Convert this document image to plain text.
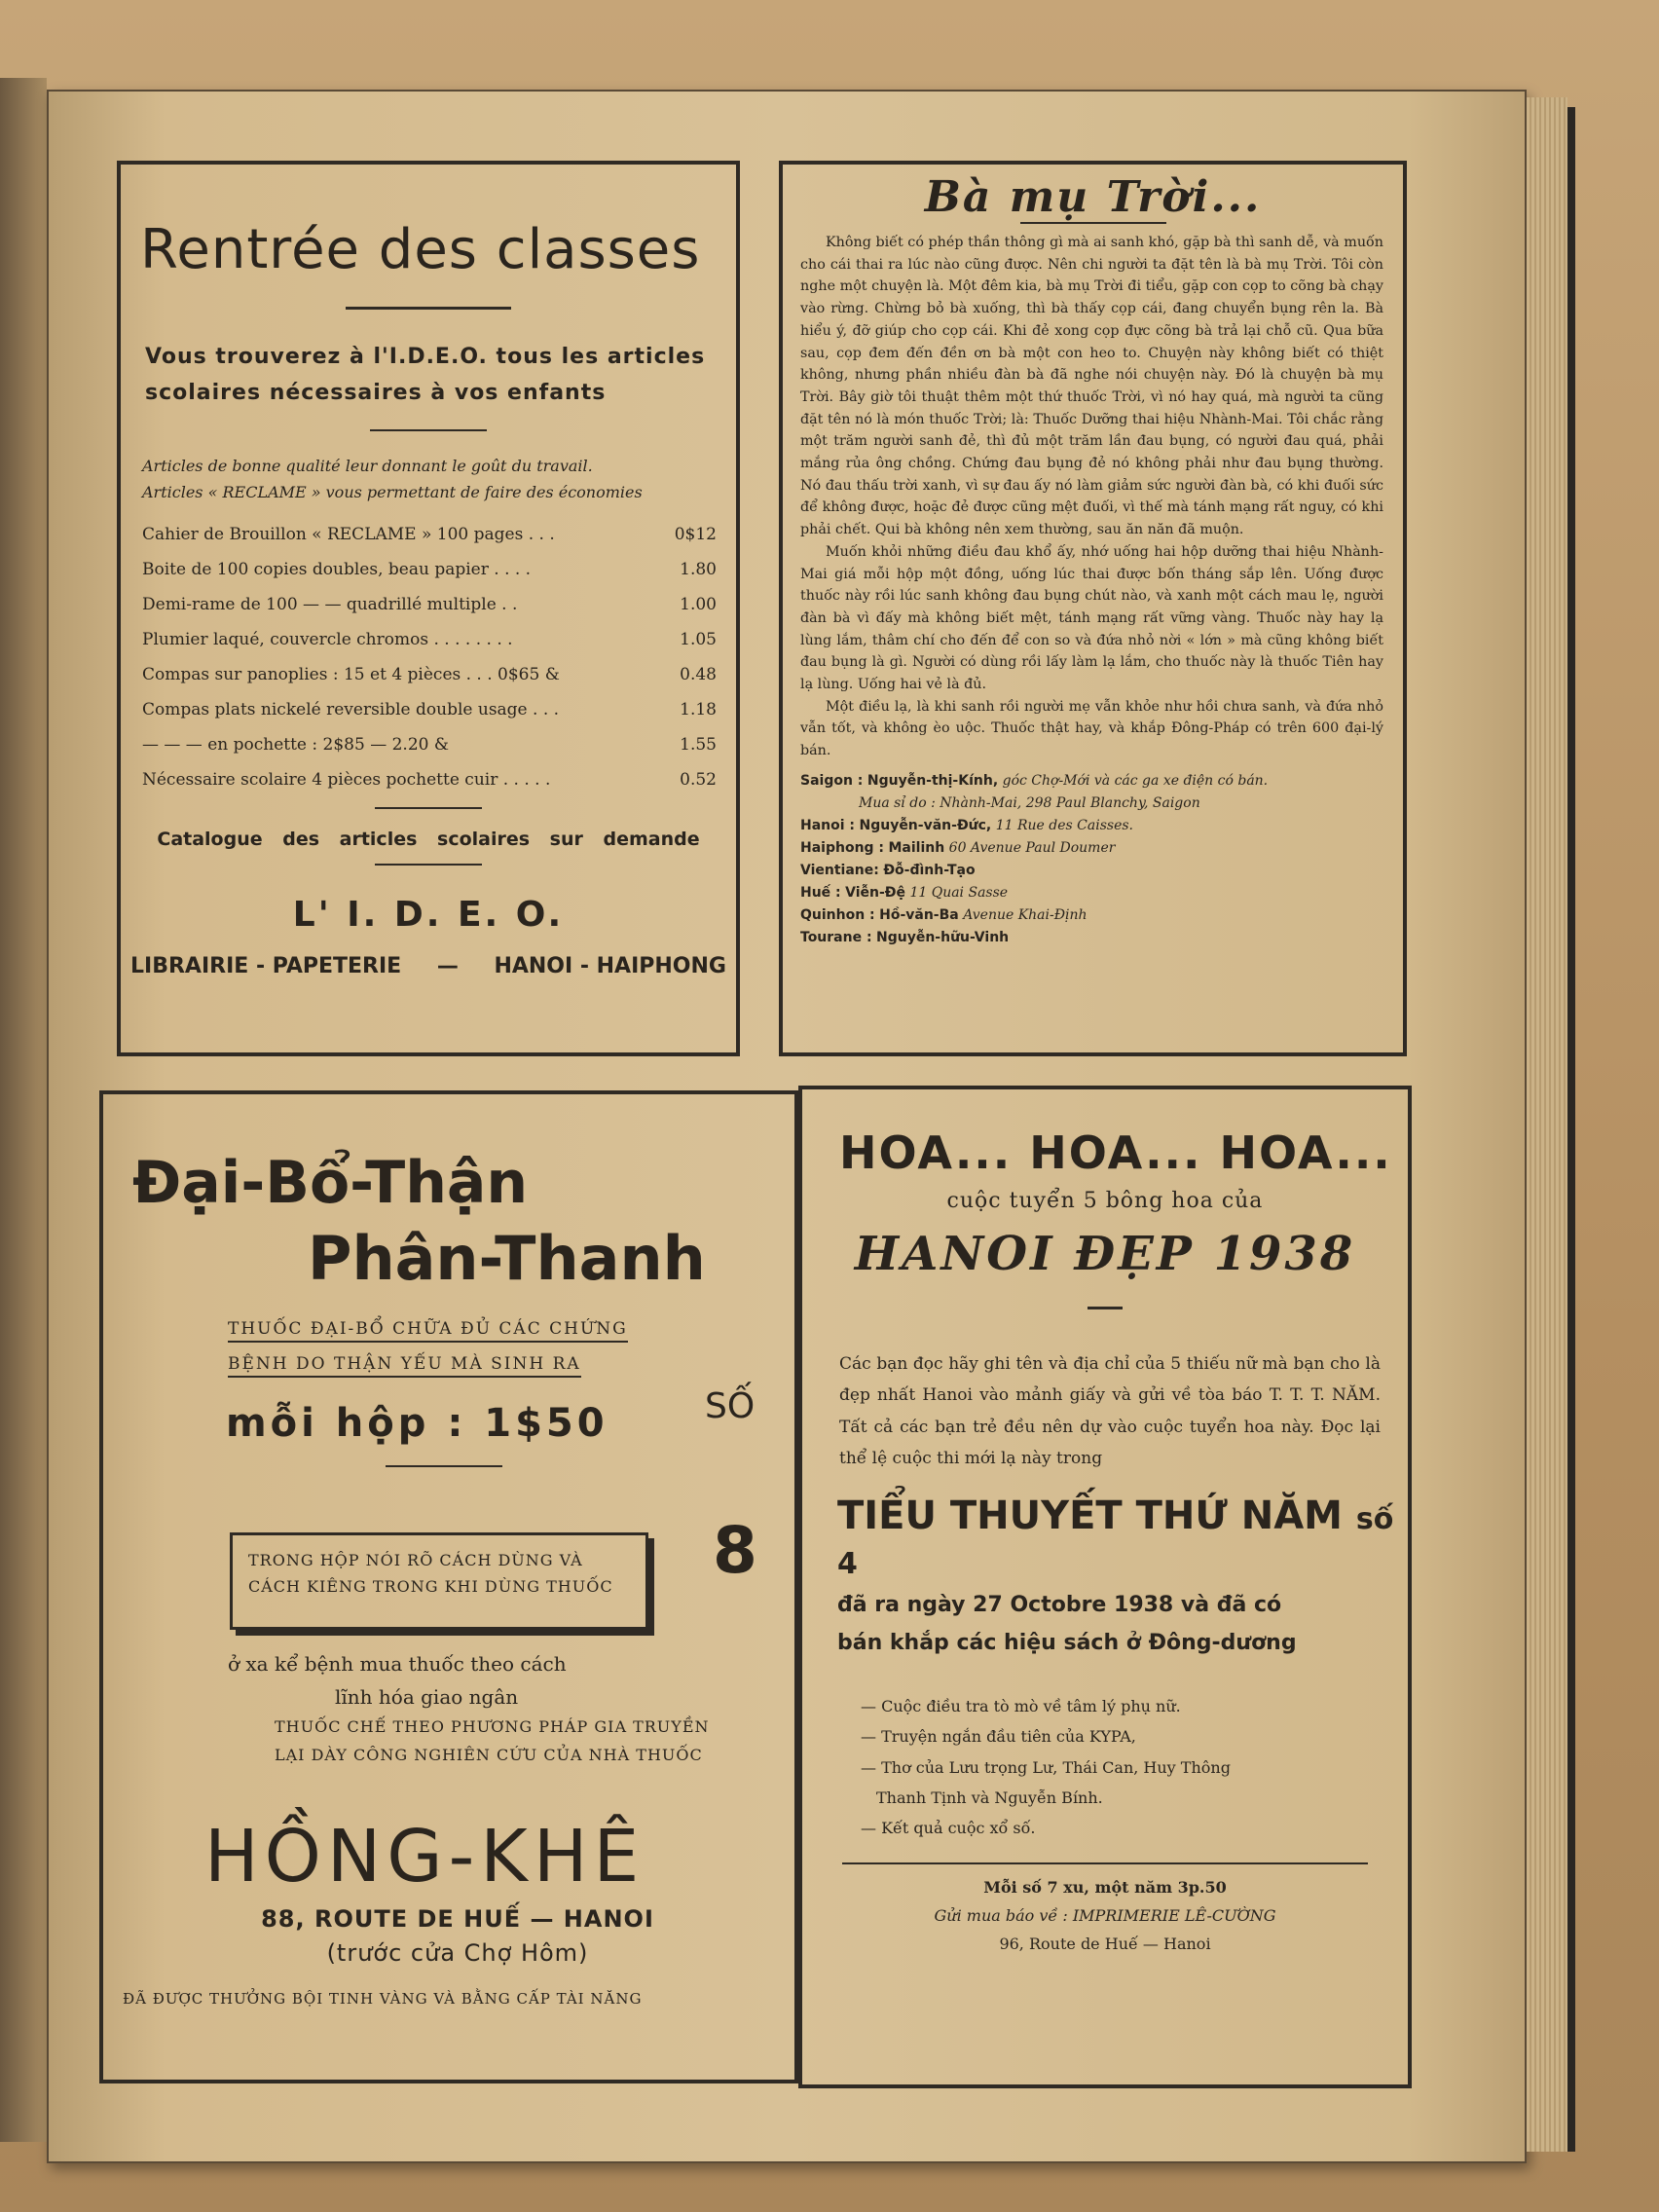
Rentrée des classes
Vous trouverez à l'I.D.E.O. tous les articles scolaires nécessaires à vos enfants
Articles de bonne qualité leur donnant le goût du travail.
Articles « RECLAME » vous permettant de faire des économies
Cahier de Brouillon « RECLAME » 100 pages . . .	0$12
Boite de 100 copies doubles, beau papier . . . .	1.80
Demi-rame de 100 — — quadrillé multiple . .	1.00
Plumier laqué, couvercle chromos . . . . . . . .	1.05
Compas sur panoplies : 15 et 4 pièces . . . 0$65 &	0.48
Compas plats nickelé reversible double usage . . .	1.18
— — — en pochette : 2$85 — 2.20 &	1.55
Nécessaire scolaire 4 pièces pochette cuir . . . . .	0.52
Catalogue des articles scolaires sur demande
L' I. D. E. O.
LIBRAIRIE - PAPETERIE — HANOI - HAIPHONG
Bà mụ Trời...

Không biết có phép thần thông gì mà ai sanh khó, gặp bà thì sanh dễ, và muốn cho cái thai ra lúc nào cũng được. Nên chi người ta đặt tên là bà mụ Trời. Tôi còn nghe một chuyện là. Một đêm kia, bà mụ Trời đi tiểu, gặp con cọp to cõng bà chạy vào rừng. Chừng bỏ bà xuống, thì bà thấy cọp cái, đang chuyển bụng rên la. Bà hiểu ý, đỡ giúp cho cọp cái. Khi đẻ xong cọp đực cõng bà trả lại chỗ cũ. Qua bữa sau, cọp đem đến đền ơn bà một con heo to. Chuyện này không biết có thiệt không, nhưng phần nhiều đàn bà đã nghe nói chuyện này. Đó là chuyện bà mụ Trời. Bây giờ tôi thuật thêm một thứ thuốc Trời, vì nó hay quá, mà người ta cũng đặt tên nó là món thuốc Trời; là: Thuốc Dưỡng thai hiệu Nhành-Mai. Tôi chắc rằng một trăm người sanh đẻ, thì đủ một trăm lần đau bụng, có người đau quá, phải mắng rủa ông chồng. Chứng đau bụng đẻ nó không phải như đau bụng thường. Nó đau thấu trời xanh, vì sự đau ấy nó làm giảm sức người đàn bà, có khi đuối sức để không được, hoặc đẻ được cũng mệt đuối, vì thế mà tánh mạng rất nguy, có khi phải chết. Qui bà không nên xem thường, sau ăn năn đã muộn.

Muốn khỏi những điều đau khổ ấy, nhớ uống hai hộp dưỡng thai hiệu Nhành-Mai giá mỗi hộp một đồng, uống lúc thai được bốn tháng sắp lên. Uống được thuốc này rồi lúc sanh không đau bụng chút nào, và xanh một cách mau lẹ, người đàn bà vì đấy mà không biết mệt, tánh mạng rất vững vàng. Thuốc này hay lạ lùng lắm, thâm chí cho đến để con so và đứa nhỏ nời « lớn » mà cũng không biết đau bụng là gì. Người có dùng rồi lấy làm lạ lắm, cho thuốc này là thuốc Tiên hay lạ lùng. Uống hai vẻ là đủ.

Một điều lạ, là khi sanh rồi người mẹ vẫn khỏe như hồi chưa sanh, và đứa nhỏ vẫn tốt, và không èo uộc. Thuốc thật hay, và khắp Đông-Pháp có trên 600 đại-lý bán.

Saigon : Nguyễn-thị-Kính, góc Chợ-Mới và các ga xe điện có bán.
Mua sỉ do : Nhành-Mai, 298 Paul Blanchy, Saigon
Hanoi : Nguyễn-văn-Đức, 11 Rue des Caisses.
Haiphong : Mailinh 60 Avenue Paul Doumer
Vientiane: Đỗ-đình-Tạo
Huế : Viễn-Đệ 11 Quai Sasse
Quinhon : Hồ-văn-Ba Avenue Khai-Định
Tourane : Nguyễn-hữu-Vinh
Đại-Bổ-Thận
Phân-Thanh
THUỐC ĐẠI-BỔ CHỮA ĐỦ CÁC CHỨNG
BỆNH DO THẬN YẾU MÀ SINH RA
mỗi hộp : 1$50	SỐ
8
TRONG HỘP NÓI RÕ CÁCH DÙNG VÀ
CÁCH KIÊNG TRONG KHI DÙNG THUỐC
ở xa kể bệnh mua thuốc theo cách
lĩnh hóa giao ngân
THUỐC CHẾ THEO PHƯƠNG PHÁP GIA TRUYỀN
LẠI DÀY CÔNG NGHIÊN CỨU CỦA NHÀ THUỐC
HỒNG-KHÊ
88, ROUTE DE HUẾ — HANOI
(trước cửa Chợ Hôm)
ĐÃ ĐƯỢC THƯỞNG BỘI TINH VÀNG VÀ BẰNG CẤP TÀI NĂNG
HOA... HOA... HOA...
cuộc tuyển 5 bông hoa của
HANOI ĐẸP 1938
Các bạn đọc hãy ghi tên và địa chỉ của 5 thiếu nữ mà bạn cho là đẹp nhất Hanoi vào mảnh giấy và gửi về tòa báo T. T. T. NĂM. Tất cả các bạn trẻ đều nên dự vào cuộc tuyển hoa này. Đọc lại thể lệ cuộc thi mới lạ này trong
TIỂU THUYẾT THỨ NĂM số 4
đã ra ngày 27 Octobre 1938 và đã có
bán khắp các hiệu sách ở Đông-dương
— Cuộc điều tra tò mò về tâm lý phụ nữ.
— Truyện ngắn đầu tiên của KYPA,
— Thơ của Lưu trọng Lư, Thái Can, Huy Thông
Thanh Tịnh và Nguyễn Bính.
— Kết quả cuộc xổ số.
Mỗi số 7 xu, một năm 3p.50
Gửi mua báo về : IMPRIMERIE LÊ-CƯỜNG
96, Route de Huế — Hanoi
